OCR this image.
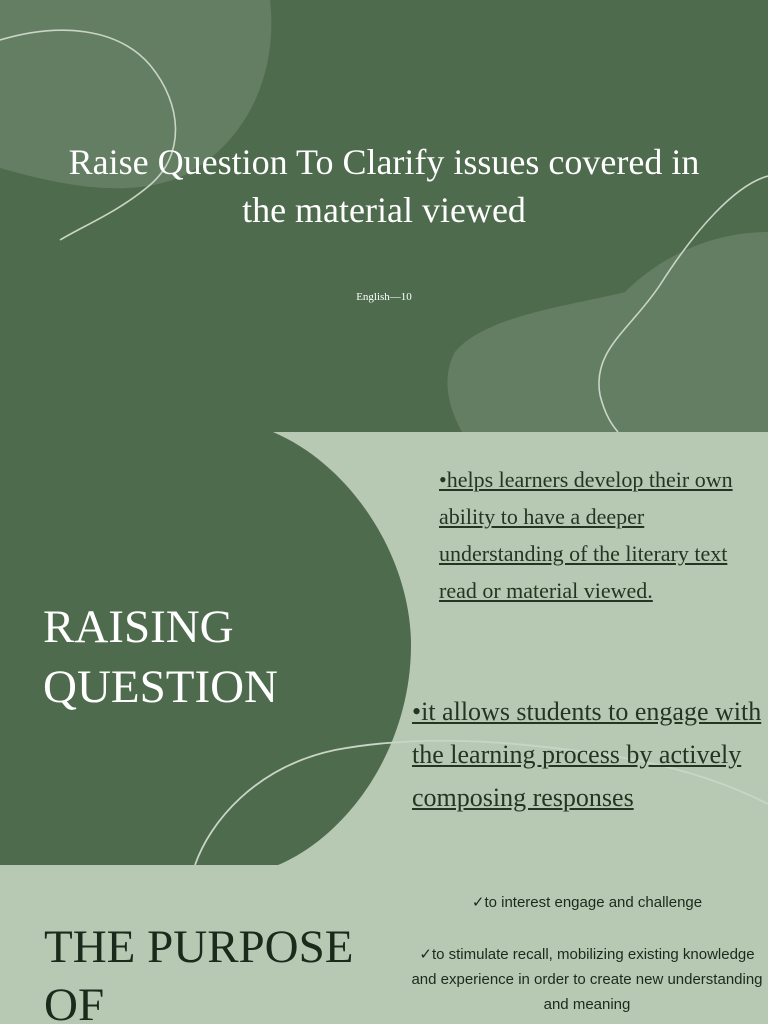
Raise Question To Clarify issues covered in the material viewed
English—10
RAISING
QUESTION

•helps learners develop their own ability to have a deeper understanding of the literary text read or material viewed.

•it allows students to engage with the learning process by actively composing responses

THE PURPOSE
OF

✓to interest engage and challenge

✓to stimulate recall, mobilizing existing knowledge and experience in order to create new understanding and meaning
